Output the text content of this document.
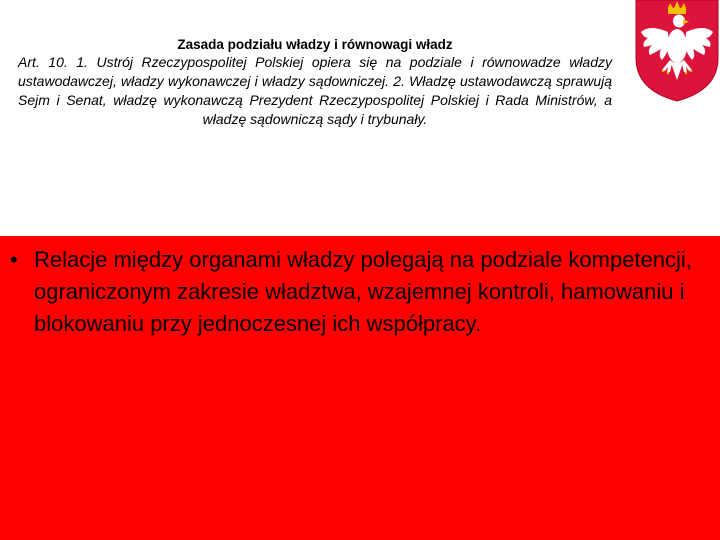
Zasada podziału władzy i równowagi władz

Art. 10. 1. Ustrój Rzeczypospolitej Polskiej opiera się na podziale i równowadze władzy ustawodawczej, władzy wykonawczej i władzy sądowniczej. 2. Władzę ustawodawczą sprawują Sejm i Senat, władzę wykonawczą Prezydent Rzeczypospolitej Polskiej i Rada Ministrów, a władzę sądowniczą sądy i trybunały.

• Relacje między organami władzy polegają na podziale kompetencji, ograniczonym zakresie władztwa, wzajemnej kontroli, hamowaniu i blokowaniu przy jednoczesnej ich współpracy.
